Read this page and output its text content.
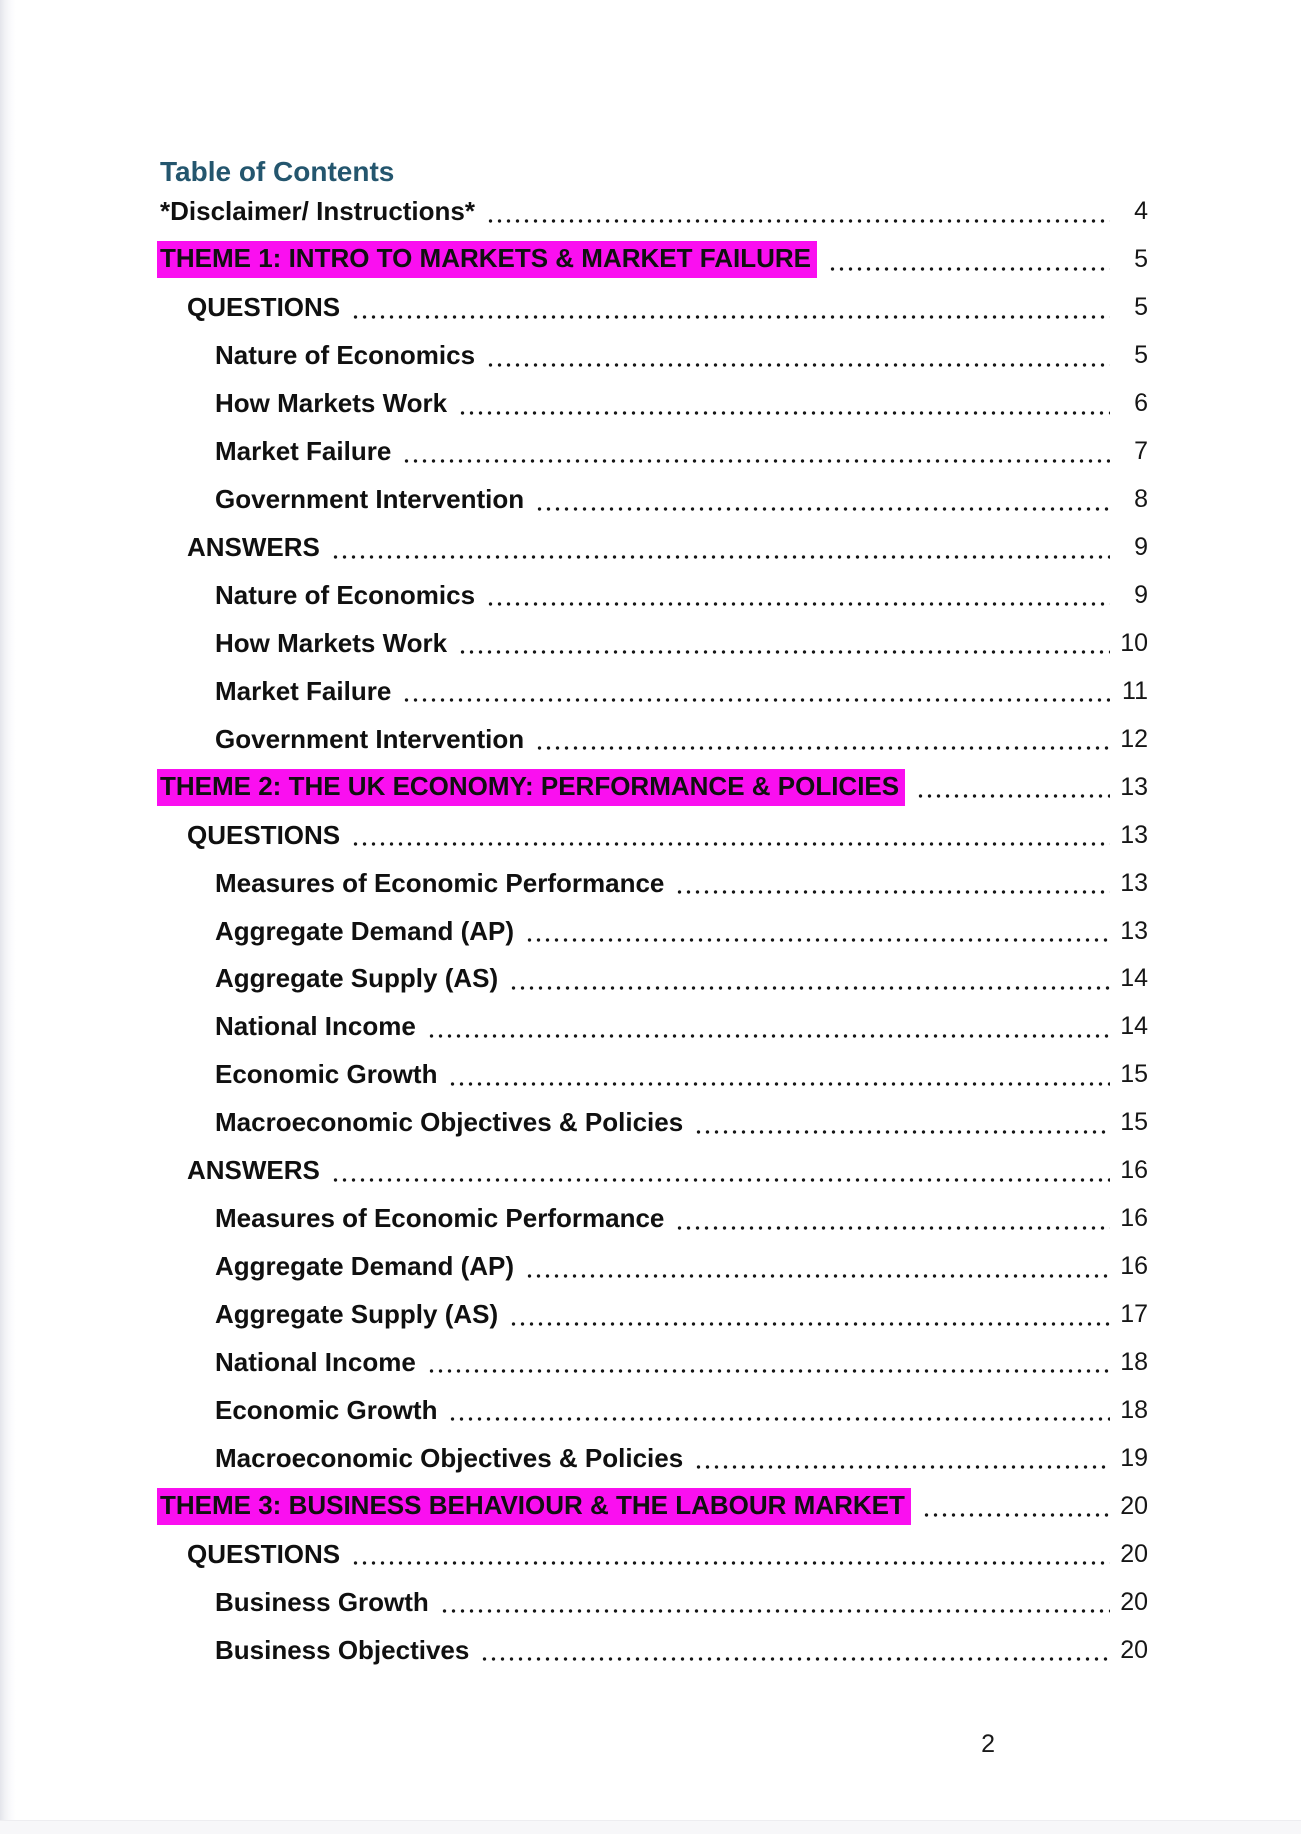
Table of Contents
*Disclaimer/ Instructions*	4
THEME 1: INTRO TO MARKETS & MARKET FAILURE	5
QUESTIONS	5
Nature of Economics	5
How Markets Work	6
Market Failure	7
Government Intervention	8
ANSWERS	9
Nature of Economics	9
How Markets Work	10
Market Failure	11
Government Intervention	12
THEME 2: THE UK ECONOMY: PERFORMANCE & POLICIES	13
QUESTIONS	13
Measures of Economic Performance	13
Aggregate Demand (AP)	13
Aggregate Supply (AS)	14
National Income	14
Economic Growth	15
Macroeconomic Objectives & Policies	15
ANSWERS	16
Measures of Economic Performance	16
Aggregate Demand (AP)	16
Aggregate Supply (AS)	17
National Income	18
Economic Growth	18
Macroeconomic Objectives & Policies	19
THEME 3: BUSINESS BEHAVIOUR & THE LABOUR MARKET	20
QUESTIONS	20
Business Growth	20
Business Objectives	20
2
